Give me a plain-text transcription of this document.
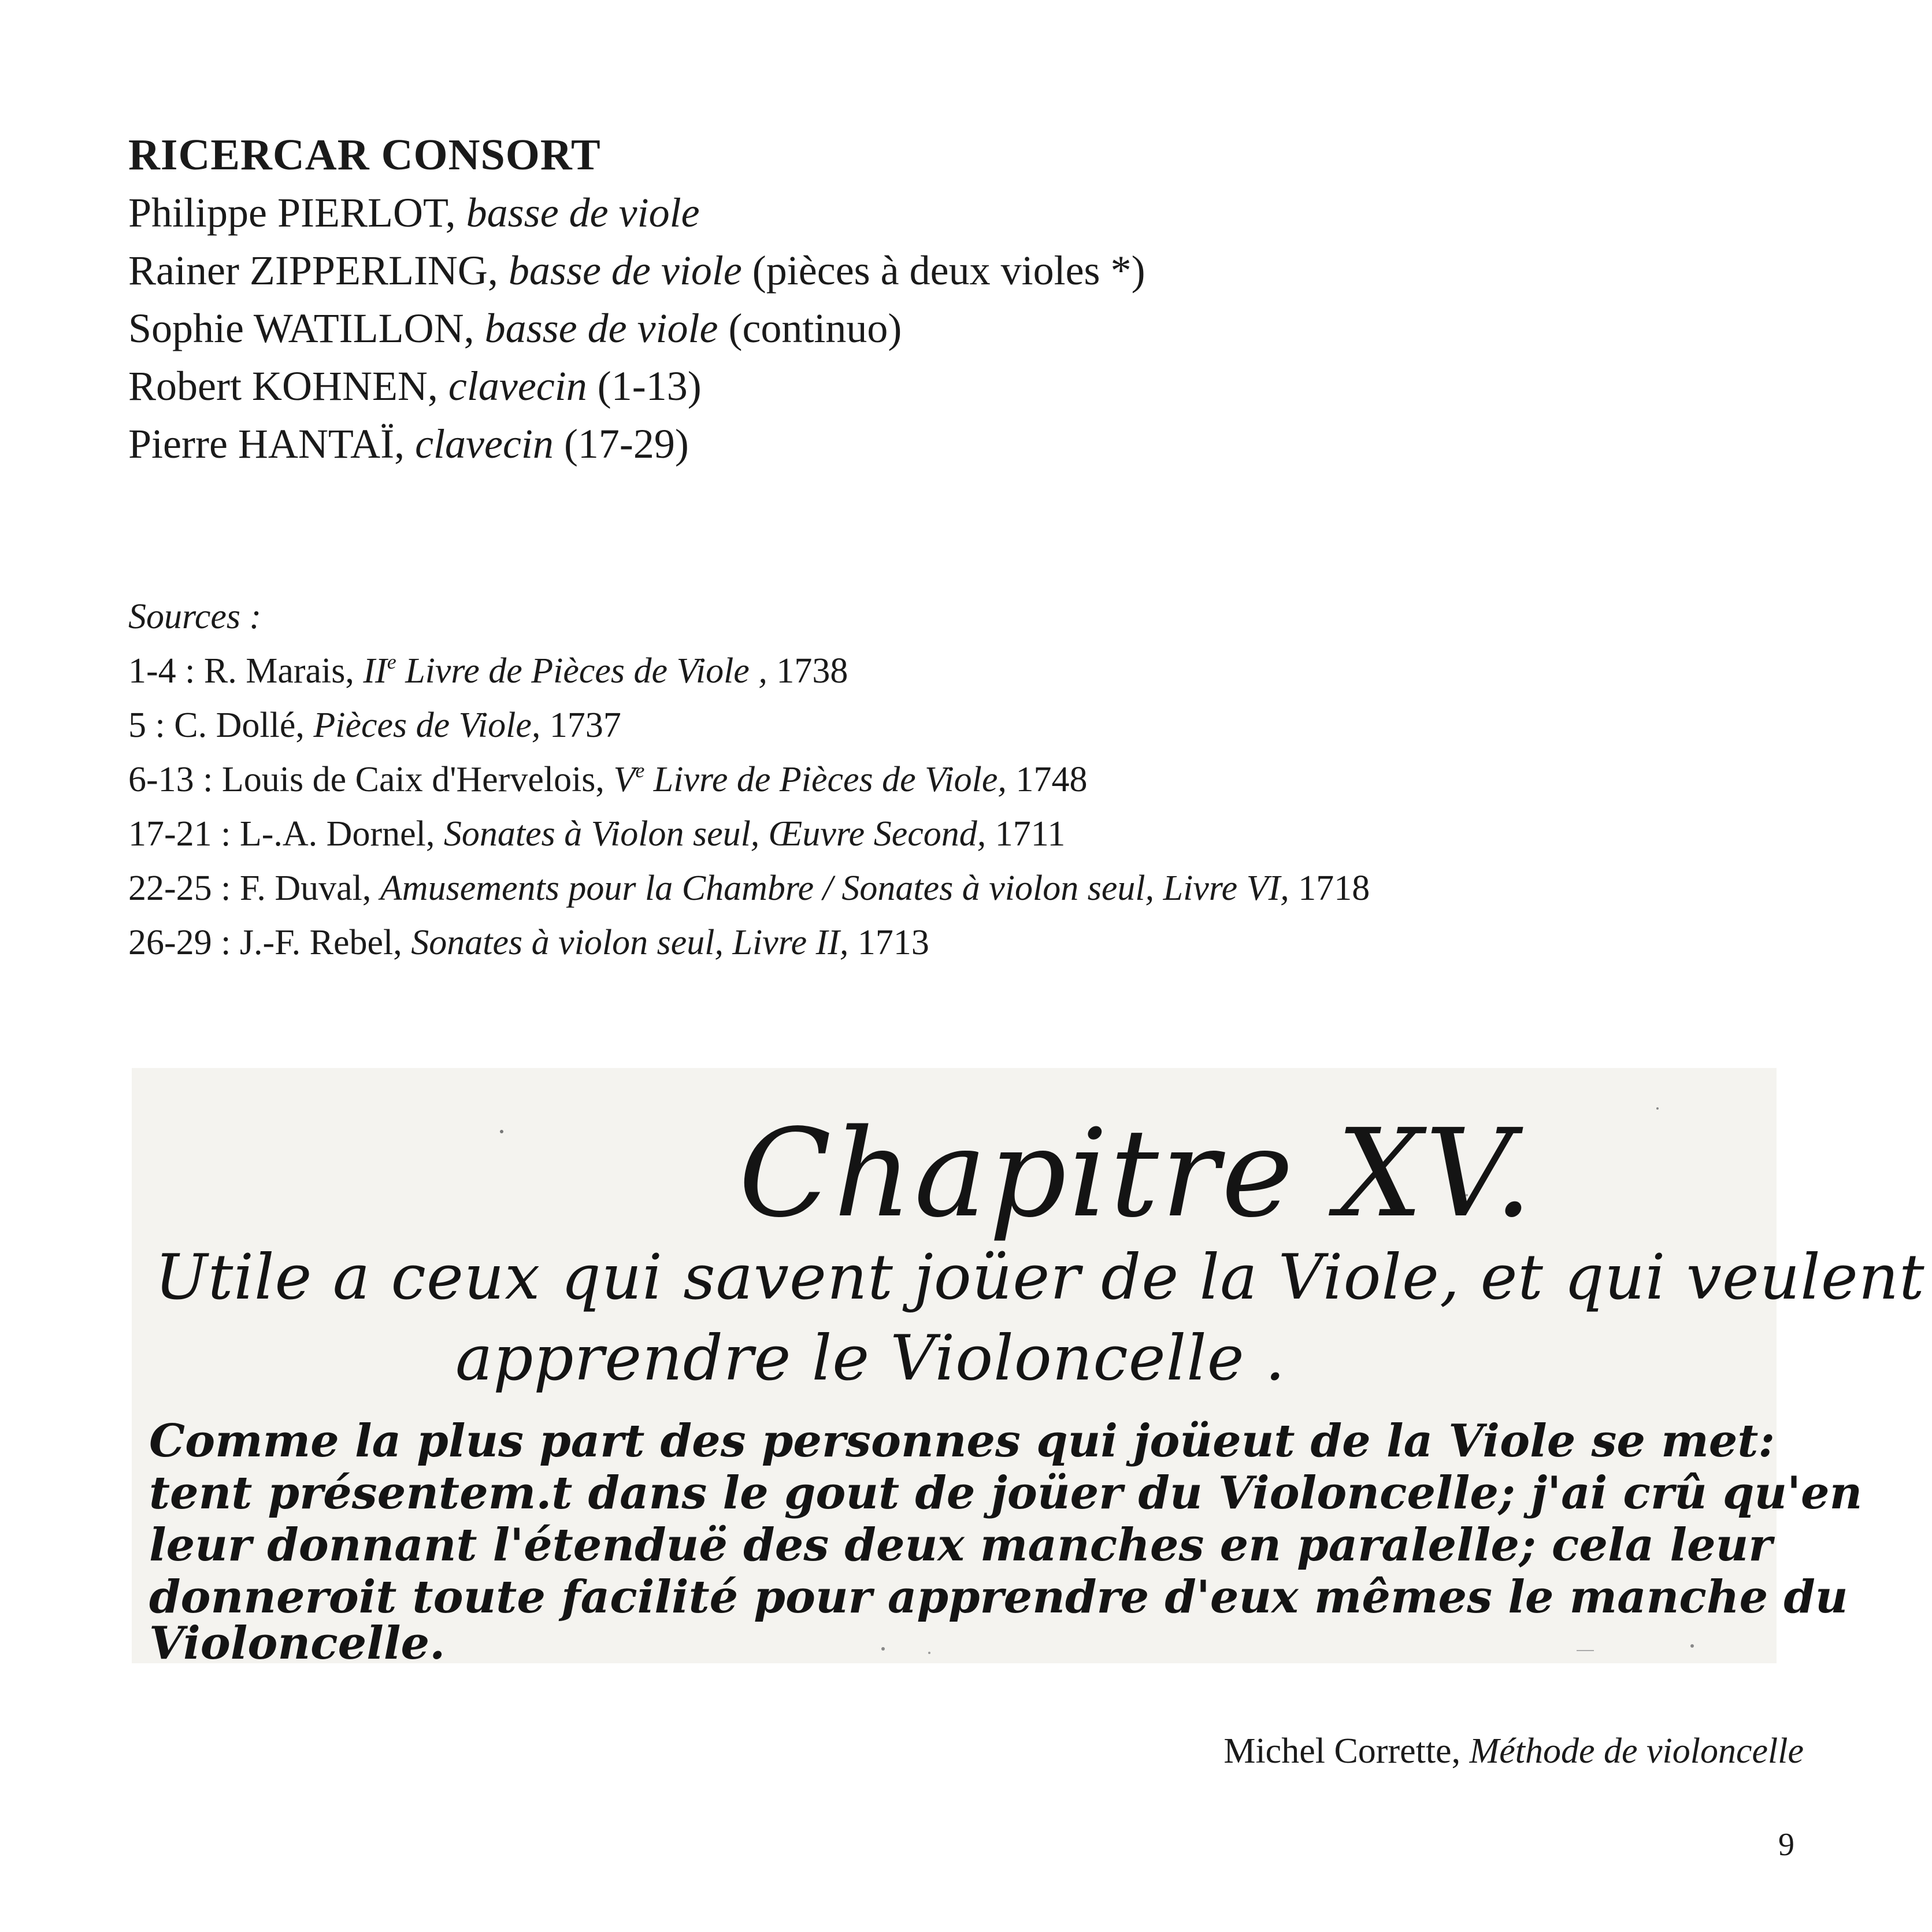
RICERCAR CONSORT
Philippe PIERLOT, basse de viole
Rainer ZIPPERLING, basse de viole (pièces à deux violes *)
Sophie WATILLON, basse de viole (continuo)
Robert KOHNEN, clavecin (1-13)
Pierre HANTAÏ, clavecin (17-29)
Sources :
1-4 : R. Marais, IIe Livre de Pièces de Viole , 1738
5 : C. Dollé, Pièces de Viole, 1737
6-13 : Louis de Caix d'Hervelois, Ve Livre de Pièces de Viole, 1748
17-21 : L-.A. Dornel, Sonates à Violon seul, Œuvre Second, 1711
22-25 : F. Duval, Amusements pour la Chambre / Sonates à violon seul, Livre VI, 1718
26-29 : J.-F. Rebel, Sonates à violon seul, Livre II, 1713
Chapitre XV.
Utile a ceux qui savent joüer de la Viole, et qui veulent
apprendre le Violoncelle .
Comme la plus part des personnes qui joüeut de la Viole se met:
tent présentem.t dans le gout de joüer du Violoncelle; j'ai crû qu'en
leur donnant l'étenduë des deux manches en paralelle; cela leur
donneroit toute facilité pour apprendre d'eux mêmes le manche du
Violoncelle.

Michel Corrette, Méthode de violoncelle

9
